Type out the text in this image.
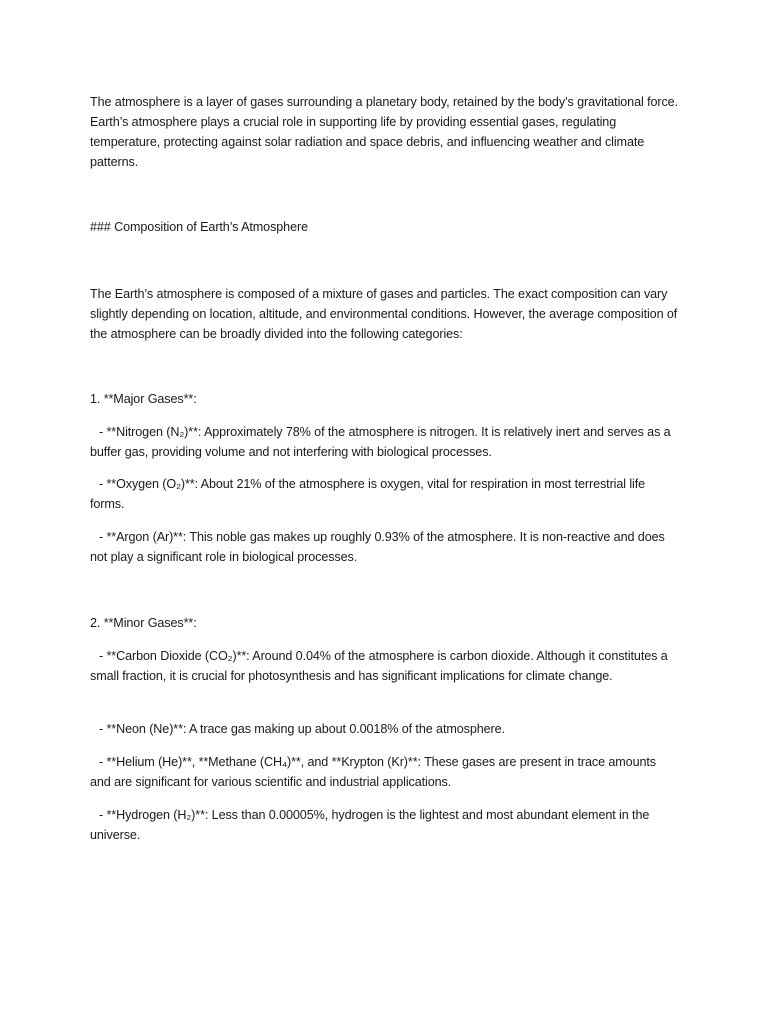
The atmosphere is a layer of gases surrounding a planetary body, retained by the body’s gravitational force. Earth’s atmosphere plays a crucial role in supporting life by providing essential gases, regulating temperature, protecting against solar radiation and space debris, and influencing weather and climate patterns.

### Composition of Earth’s Atmosphere

The Earth’s atmosphere is composed of a mixture of gases and particles. The exact composition can vary slightly depending on location, altitude, and environmental conditions. However, the average composition of the atmosphere can be broadly divided into the following categories:

1. **Major Gases**:

- **Nitrogen (N₂)**: Approximately 78% of the atmosphere is nitrogen. It is relatively inert and serves as a buffer gas, providing volume and not interfering with biological processes.

- **Oxygen (O₂)**: About 21% of the atmosphere is oxygen, vital for respiration in most terrestrial life forms.

- **Argon (Ar)**: This noble gas makes up roughly 0.93% of the atmosphere. It is non-reactive and does not play a significant role in biological processes.

2. **Minor Gases**:

- **Carbon Dioxide (CO₂)**: Around 0.04% of the atmosphere is carbon dioxide. Although it constitutes a small fraction, it is crucial for photosynthesis and has significant implications for climate change.

- **Neon (Ne)**: A trace gas making up about 0.0018% of the atmosphere.

- **Helium (He)**, **Methane (CH₄)**, and **Krypton (Kr)**: These gases are present in trace amounts and are significant for various scientific and industrial applications.

- **Hydrogen (H₂)**: Less than 0.00005%, hydrogen is the lightest and most abundant element in the universe.
